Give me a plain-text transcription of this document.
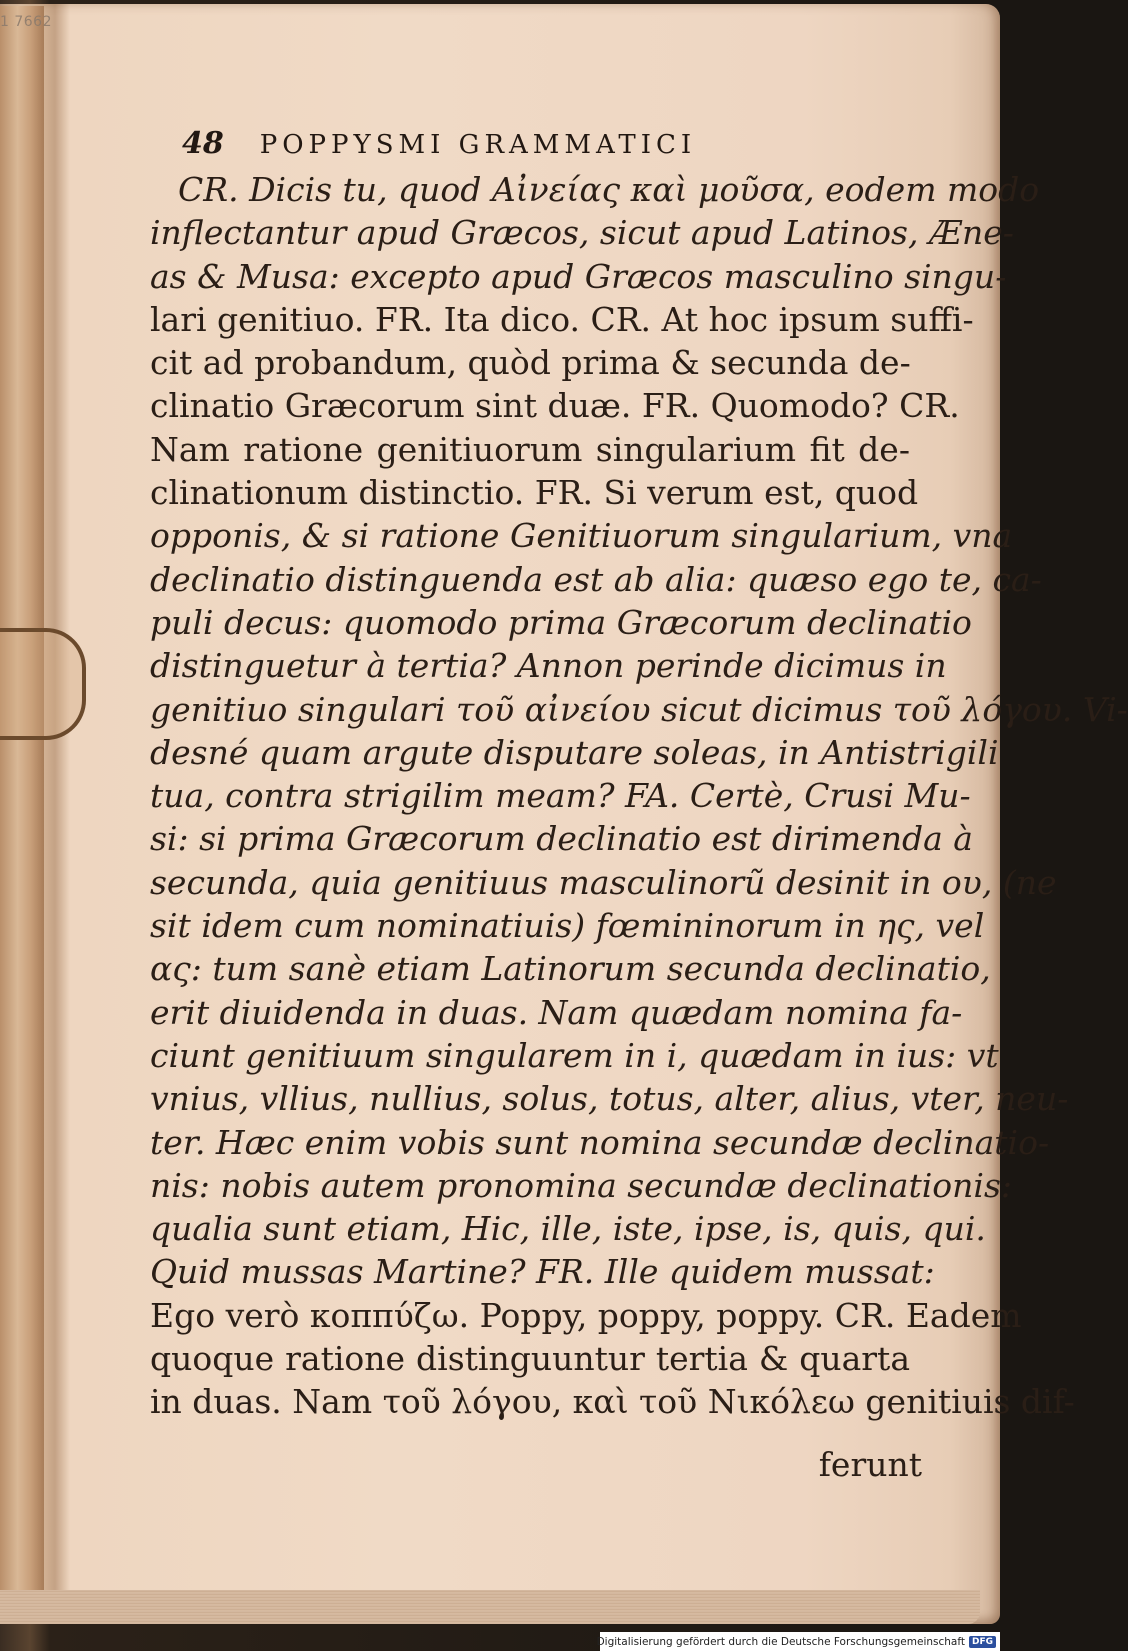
1 7662
48 POPPYSMI GRAMMATICI
CR. Dicis tu, quod Αἰνείας καὶ μοῦσα, eodem modo
inflectantur apud Græcos, sicut apud Latinos, Æne-
as & Musa: excepto apud Græcos masculino singu-
lari genitiuo. FR. Ita dico. CR. At hoc ipsum suffi-
cit ad probandum, quòd prima & secunda de-
clinatio Græcorum sint duæ. FR. Quomodo? CR.
Nam ratione genitiuorum singularium fit de-
clinationum distinctio. FR. Si verum est, quod
opponis, & si ratione Genitiuorum singularium, vna
declinatio distinguenda est ab alia: quæso ego te, ca-
puli decus: quomodo prima Græcorum declinatio
distinguetur à tertia? Annon perinde dicimus in
genitiuo singulari τοῦ αἰνείου sicut dicimus τοῦ λόγου. Vi-
desné quam argute disputare soleas, in Antistrigili
tua, contra strigilim meam? FA. Certè, Crusi Mu-
si: si prima Græcorum declinatio est dirimenda à
secunda, quia genitiuus masculinorũ desinit in ου, (ne
sit idem cum nominatiuis) fœmininorum in ης, vel
ας: tum sanè etiam Latinorum secunda declinatio,
erit diuidenda in duas. Nam quædam nomina fa-
ciunt genitiuum singularem in i, quædam in ius: vt
vnius, vllius, nullius, solus, totus, alter, alius, vter, neu-
ter. Hæc enim vobis sunt nomina secundæ declinatio-
nis: nobis autem pronomina secundæ declinationis:
qualia sunt etiam, Hic, ille, iste, ipse, is, quis, qui.
Quid mussas Martine? FR. Ille quidem mussat:
Ego verò κοππύζω. Poppy, poppy, poppy. CR. Eadem
quoque ratione distinguuntur tertia & quarta
in duas. Nam τοῦ λόγου, καὶ τοῦ Νικόλεω genitiuis dif-
ferunt
Digitalisierung gefördert durch die Deutsche Forschungsgemeinschaft DFG
